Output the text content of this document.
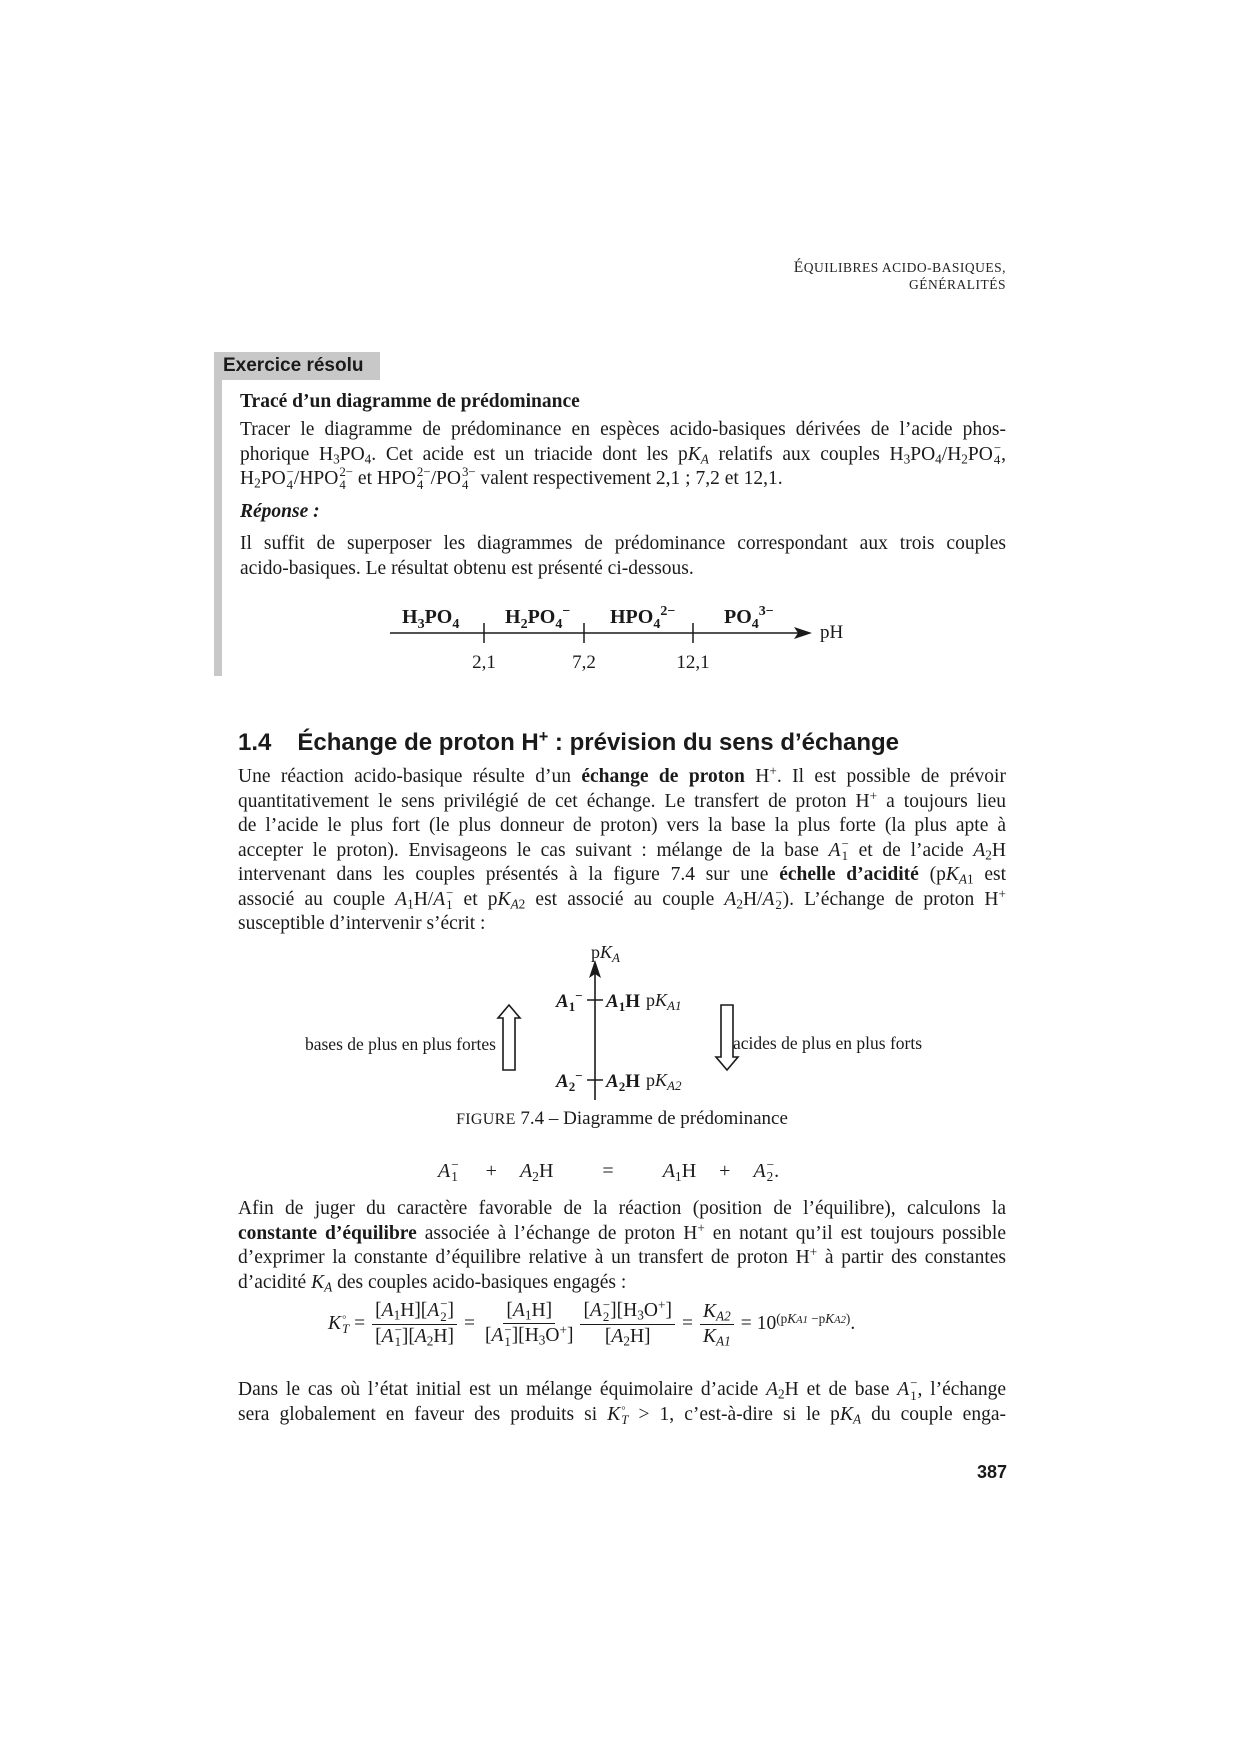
ÉQUILIBRES ACIDO-BASIQUES, GÉNÉRALITÉS
Exercice résolu
Tracé d’un diagramme de prédominance
Tracer le diagramme de prédominance en espèces acido-basiques dérivées de l’acide phos-
phorique $H_3PO_4$. Cet acide est un triacide dont les $pK_A$ relatifs aux couples $H_3PO_4/H_2PO$ −
4 ,
$H_2PO$ −
4 /HPO 2−
4 et HPO 2−
4 /PO 3−
4 valent respectivement 2,1 ; 7,2 et 12,1.
Réponse :
Il suffit de superposer les diagrammes de prédominance correspondant aux trois couples
acido-basiques. Le résultat obtenu est présenté ci-dessous.
$H_3PO_4$ $H_2PO_4^-$ $HPO_4^{2-}$ $PO_4^{3-}$
2,1	7,2	12,1
pH
1.4 Échange de proton H+ : prévision du sens d’échange
Une réaction acido-basique résulte d’un échange de proton H+. Il est possible de prévoir
quantitativement le sens privilégié de cet échange. Le transfert de proton H+ a toujours lieu
de l’acide le plus fort (le plus donneur de proton) vers la base la plus forte (la plus apte à
accepter le proton). Envisageons le cas suivant : mélange de la base A −
1 et de l’acide $A_2H$
intervenant dans les couples présentés à la figure 7.4 sur une échelle d’acidité ($pK_{A1}$ est
associé au couple $A_1H/A$ −
1 et $pK_{A2}$ est associé au couple $A_2H/A$ −
2 ). L’échange de proton H+
susceptible d’intervenir s’écrit :
$pK_A$
$A_1^-$ $A_1H$ $pK_{A1}$
$A_2^-$ $A_2H$ $pK_{A2}$
bases de plus en plus fortes	acides de plus en plus forts
FIGURE 7.4 – Diagramme de prédominance
A −
$1 + A_2H = A_1H + A$ −
2 .
Afin de juger du caractère favorable de la réaction (position de l’équilibre), calculons la
constante d’équilibre associée à l’échange de proton H+ en notant qu’il est toujours possible
d’exprimer la constante d’équilibre relative à un transfert de proton H+ à partir des constantes
d’acidité $K_A$ des couples acido-basiques engagés :
K ◦
$T = [A_1H][A$ −
2 ]
[A −
1 ]$[A_2H] = [A_1H]$
[A −
1 ]$[H_3O^+]$ [A −
2 ]$[H_3O^+]$
$[A_2H] = \frac{K_{A2}}{K_{A1}} = 10^{(pKA1 -pKA2)}$.
Dans le cas où l’état initial est un mélange équimolaire d’acide $A_2H$ et de base A −
1 , l’échange
sera globalement en faveur des produits si K ◦
T > 1, c’est-à-dire si le $pK_A$ du couple enga-
387
